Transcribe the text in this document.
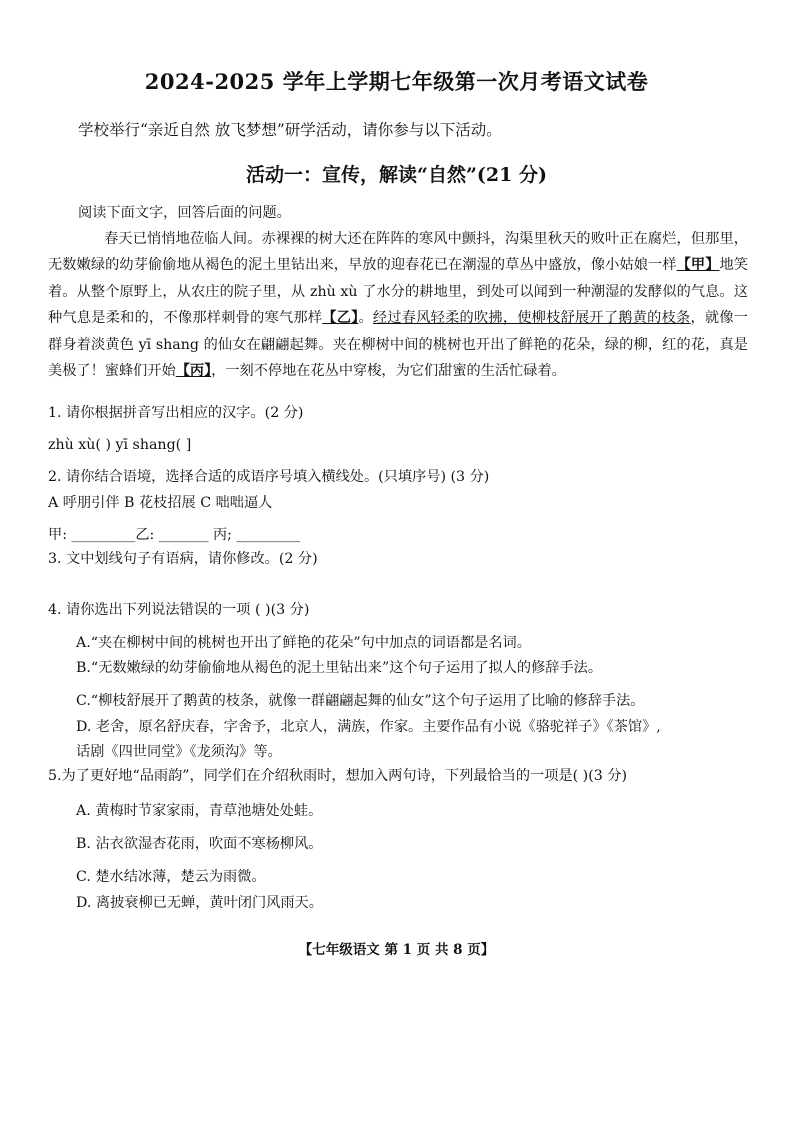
2024-2025 学年上学期七年级第一次月考语文试卷
学校举行“亲近自然 放飞梦想”研学活动，请你参与以下活动。
活动一：宣传，解读“自然”(21 分)
阅读下面文字，回答后面的问题。
春天已悄悄地莅临人间。赤裸裸的树大还在阵阵的寒风中颤抖，沟渠里秋天的败叶正在腐烂，但那里，无数嫩绿的幼芽偷偷地从褐色的泥土里钻出来，早放的迎春花已在潮湿的草丛中盛放，像小姑娘一样【甲】地笑着。从整个原野上，从农庄的院子里，从 zhù xù 了水分的耕地里，到处可以闻到一种潮湿的发酵似的气息。这种气息是柔和的，不像那样刺骨的寒气那样【乙】。经过春风轻柔的吹拂，使柳枝舒展开了鹅黄的枝条，就像一群身着淡黄色 yī shang 的仙女在翩翩起舞。夹在柳树中间的桃树也开出了鲜艳的花朵，绿的柳，红的花，真是美极了！蜜蜂们开始【丙】，一刻不停地在花丛中穿梭，为它们甜蜜的生活忙碌着。
1. 请你根据拼音写出相应的汉字。(2 分)
zhù xù( ) yī shang( ]
2. 请你结合语境，选择合适的成语序号填入横线处。(只填序号) (3 分)
A 呼朋引伴 B 花枝招展 C 咄咄逼人
甲: _________乙: _______ 丙; _________
3. 文中划线句子有语病，请你修改。(2 分)
4. 请你选出下列说法错误的一项 ( )(3 分)
A.“夹在柳树中间的桃树也开出了鲜艳的花朵”句中加点的词语都是名词。
B.“无数嫩绿的幼芽偷偷地从褐色的泥土里钻出来”这个句子运用了拟人的修辞手法。
C.“柳枝舒展开了鹅黄的枝条，就像一群翩翩起舞的仙女”这个句子运用了比喻的修辞手法。
D. 老舍，原名舒庆春，字舍予，北京人，满族，作家。主要作品有小说《骆驼祥子》《茶馆》,
话剧《四世同堂》《龙须沟》等。
5.为了更好地“品雨韵”，同学们在介绍秋雨时，想加入两句诗，下列最恰当的一项是( )(3 分)
A. 黄梅时节家家雨，青草池塘处处蛙。
B. 沾衣欲湿杏花雨，吹面不寒杨柳风。
C. 楚水结冰薄，楚云为雨微。
D. 离披衰柳已无蝉，黄叶闭门风雨天。
【七年级语文 第 1 页 共 8 页】
